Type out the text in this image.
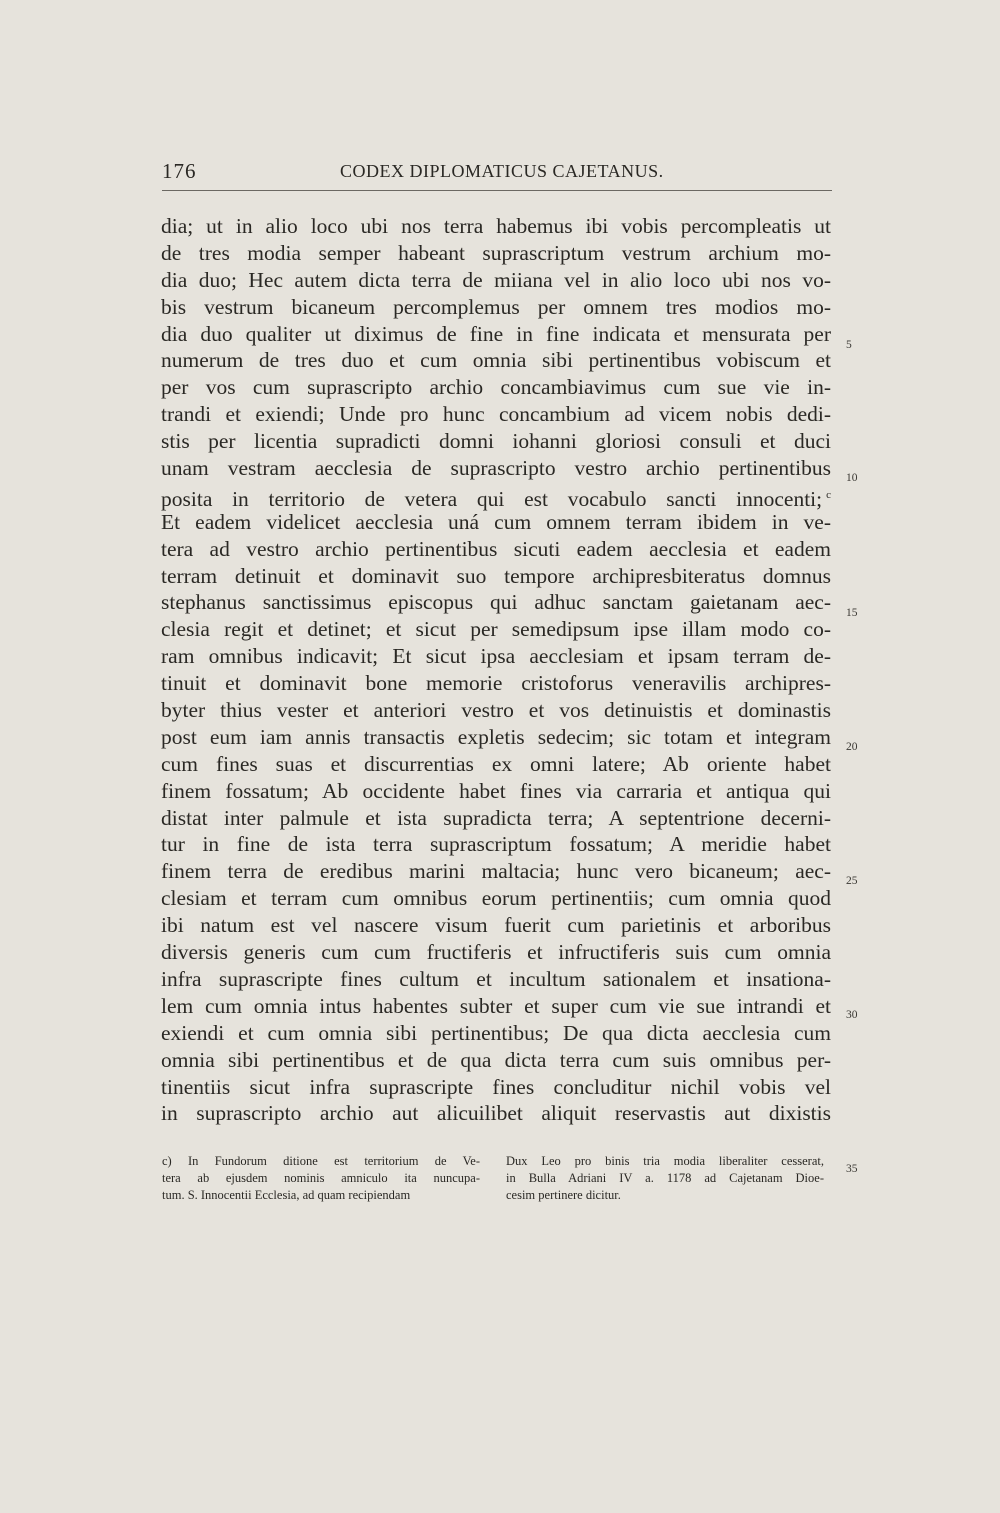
176	CODEX DIPLOMATICUS CAJETANUS.
dia; ut in alio loco ubi nos terra habemus ibi vobis percompleatis ut
de tres modia semper habeant suprascriptum vestrum archium mo-
dia duo; Hec autem dicta terra de miiana vel in alio loco ubi nos vo-
bis vestrum bicaneum percomplemus per omnem tres modios mo-
dia duo qualiter ut diximus de fine in fine indicata et mensurata per
numerum de tres duo et cum omnia sibi pertinentibus vobiscum et
per vos cum suprascripto archio concambiavimus cum sue vie in-
trandi et exiendi; Unde pro hunc concambium ad vicem nobis dedi-
stis per licentia supradicti domni iohanni gloriosi consuli et duci
unam vestram aecclesia de suprascripto vestro archio pertinentibus
posita in territorio de vetera qui est vocabulo sancti innocenti; $^c$
Et eadem videlicet aecclesia uná cum omnem terram ibidem in ve-
tera ad vestro archio pertinentibus sicuti eadem aecclesia et eadem
terram detinuit et dominavit suo tempore archipresbiteratus domnus
stephanus sanctissimus episcopus qui adhuc sanctam gaietanam aec-
clesia regit et detinet; et sicut per semedipsum ipse illam modo co-
ram omnibus indicavit; Et sicut ipsa aecclesiam et ipsam terram de-
tinuit et dominavit bone memorie cristoforus veneravilis archipres-
byter thius vester et anteriori vestro et vos detinuistis et dominastis
post eum iam annis transactis expletis sedecim; sic totam et integram
cum fines suas et discurrentias ex omni latere; Ab oriente habet
finem fossatum; Ab occidente habet fines via carraria et antiqua qui
distat inter palmule et ista supradicta terra; A septentrione decerni-
tur in fine de ista terra suprascriptum fossatum; A meridie habet
finem terra de eredibus marini maltacia; hunc vero bicaneum; aec-
clesiam et terram cum omnibus eorum pertinentiis; cum omnia quod
ibi natum est vel nascere visum fuerit cum parietinis et arboribus
diversis generis cum cum fructiferis et infructiferis suis cum omnia
infra suprascripte fines cultum et incultum sationalem et insationa-
lem cum omnia intus habentes subter et super cum vie sue intrandi et
exiendi et cum omnia sibi pertinentibus; De qua dicta aecclesia cum
omnia sibi pertinentibus et de qua dicta terra cum suis omnibus per-
tinentiis sicut infra suprascripte fines concluditur nichil vobis vel
in suprascripto archio aut alicuilibet aliquit reservastis aut dixistis
5
10
15
20
25
30
35
c) In Fundorum ditione est territorium de Ve-
tera ab ejusdem nominis amniculo ita nuncupa-
tum. S. Innocentii Ecclesia, ad quam recipiendam
Dux Leo pro binis tria modia liberaliter cesserat,
in Bulla Adriani IV a. 1178 ad Cajetanam Dioe-
cesim pertinere dicitur.
